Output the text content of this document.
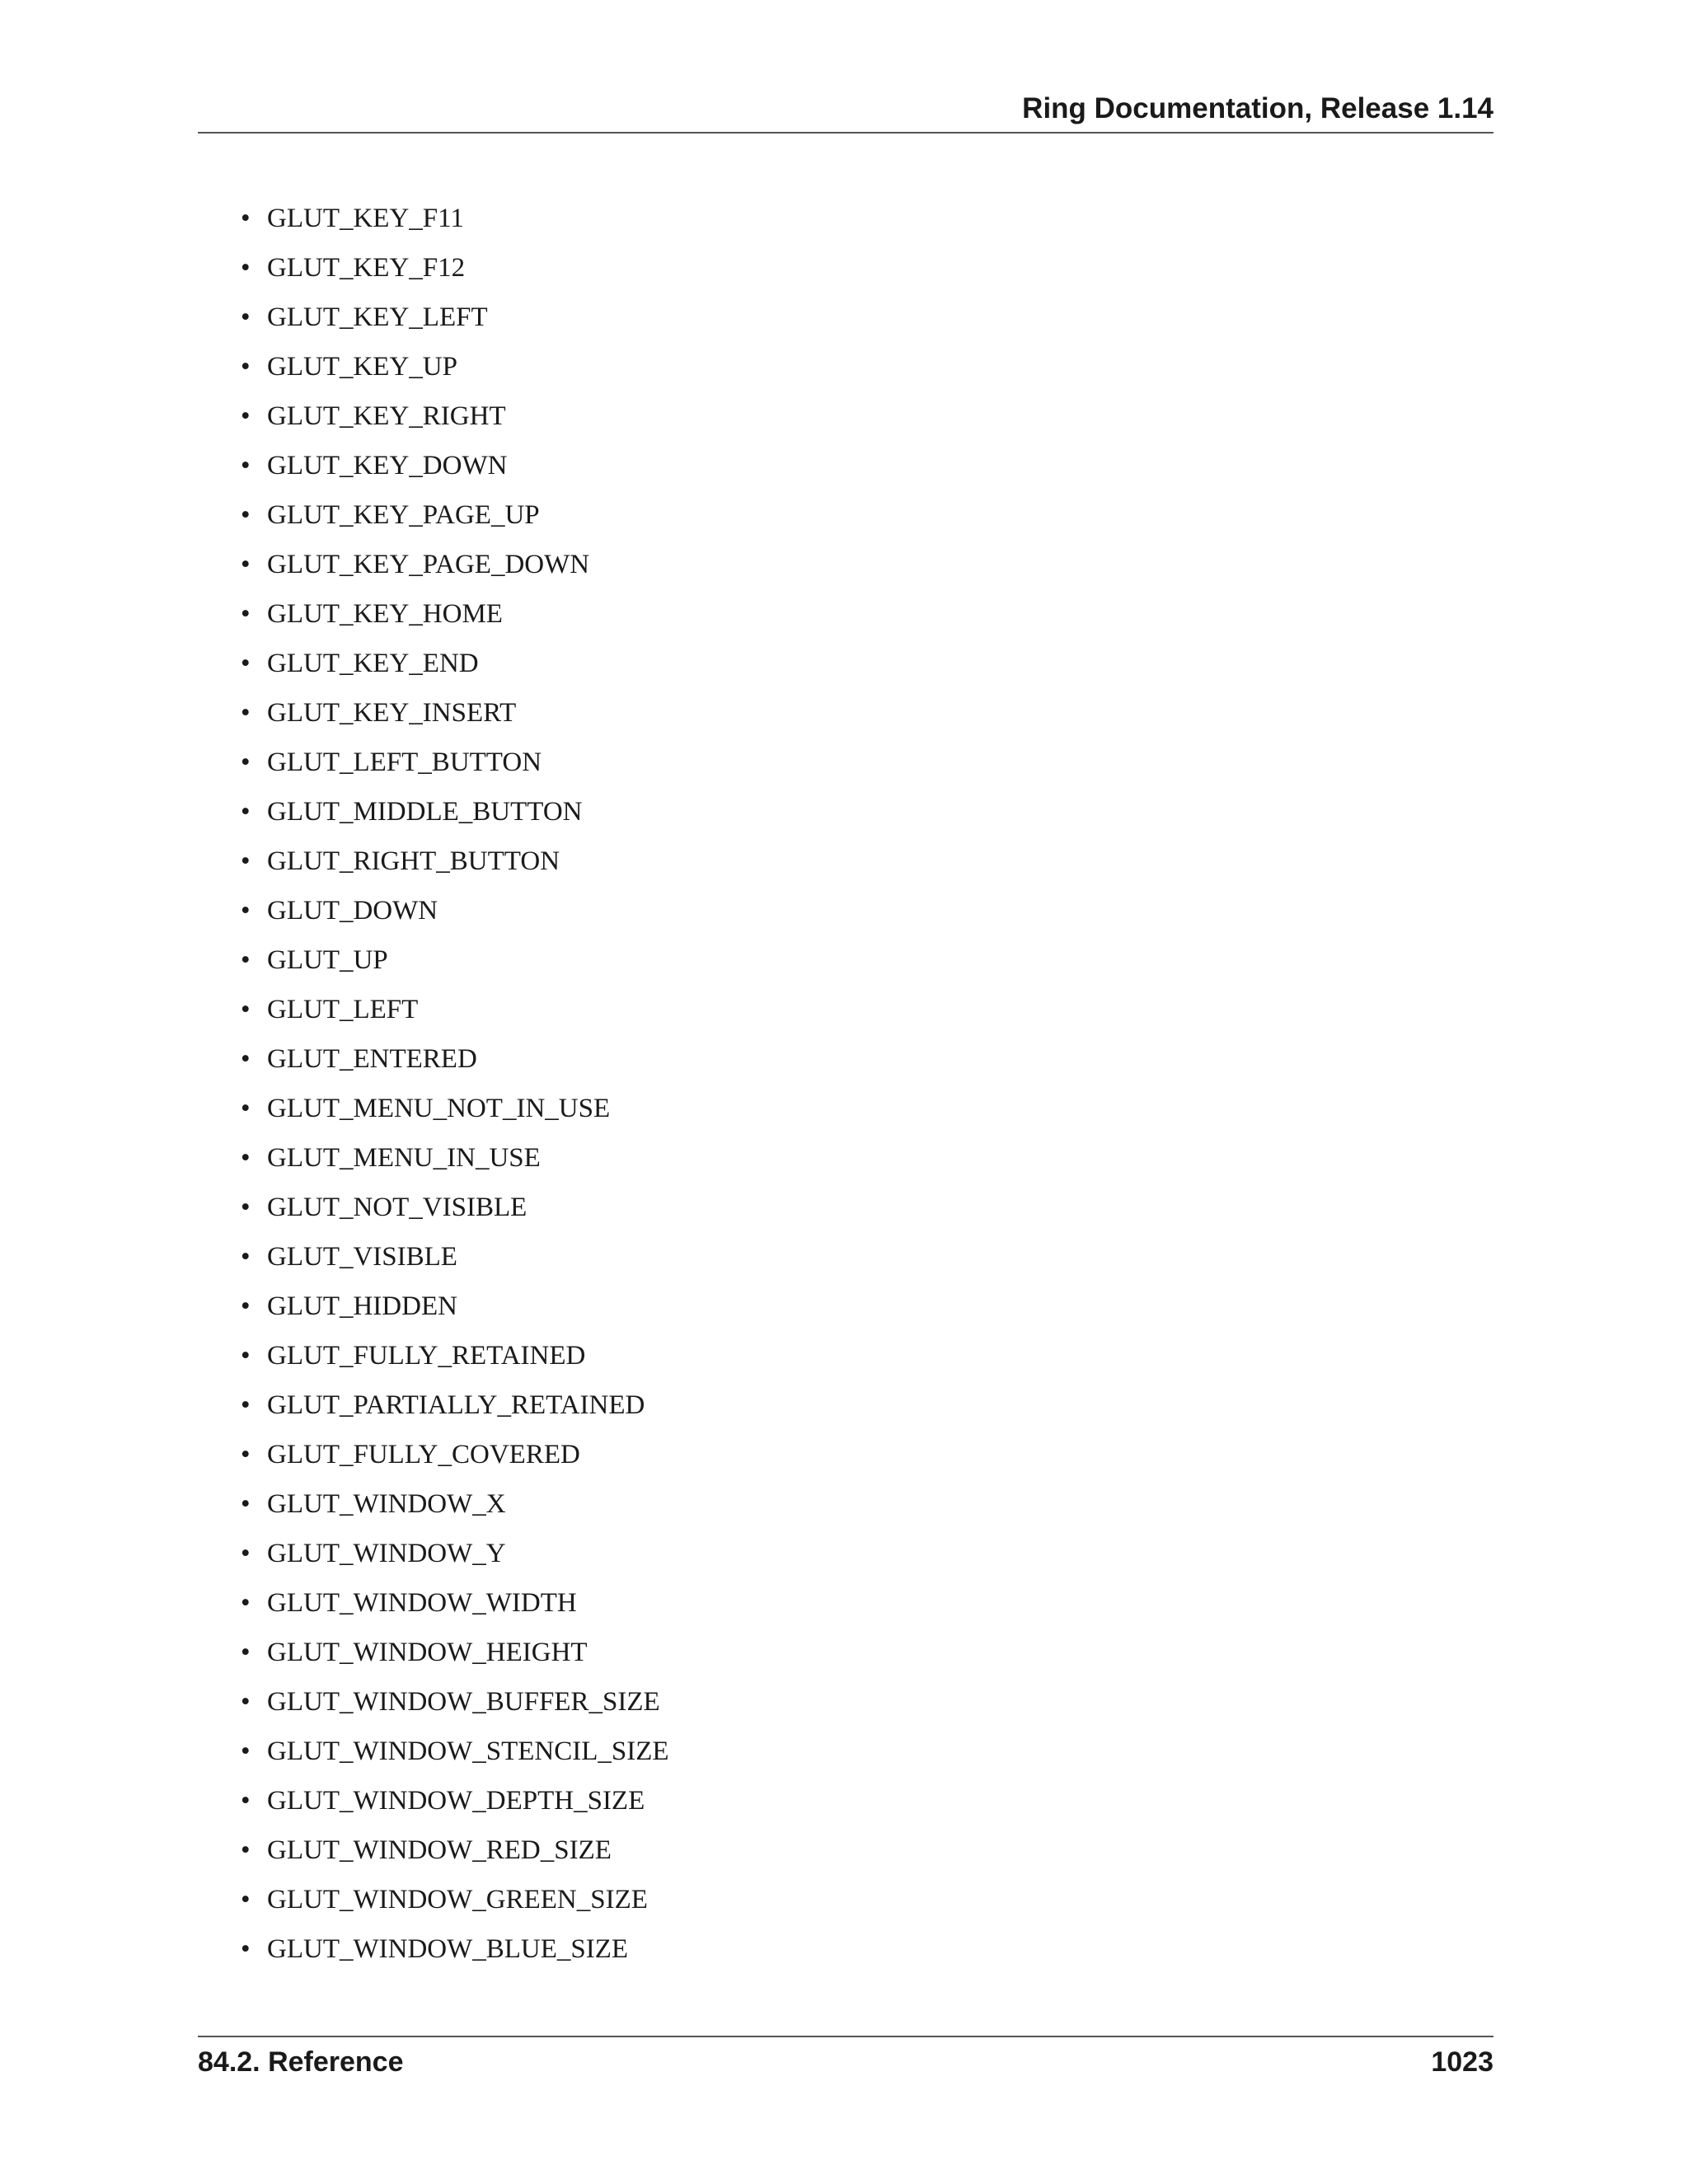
Ring Documentation, Release 1.14
• GLUT_KEY_F11
• GLUT_KEY_F12
• GLUT_KEY_LEFT
• GLUT_KEY_UP
• GLUT_KEY_RIGHT
• GLUT_KEY_DOWN
• GLUT_KEY_PAGE_UP
• GLUT_KEY_PAGE_DOWN
• GLUT_KEY_HOME
• GLUT_KEY_END
• GLUT_KEY_INSERT
• GLUT_LEFT_BUTTON
• GLUT_MIDDLE_BUTTON
• GLUT_RIGHT_BUTTON
• GLUT_DOWN
• GLUT_UP
• GLUT_LEFT
• GLUT_ENTERED
• GLUT_MENU_NOT_IN_USE
• GLUT_MENU_IN_USE
• GLUT_NOT_VISIBLE
• GLUT_VISIBLE
• GLUT_HIDDEN
• GLUT_FULLY_RETAINED
• GLUT_PARTIALLY_RETAINED
• GLUT_FULLY_COVERED
• GLUT_WINDOW_X
• GLUT_WINDOW_Y
• GLUT_WINDOW_WIDTH
• GLUT_WINDOW_HEIGHT
• GLUT_WINDOW_BUFFER_SIZE
• GLUT_WINDOW_STENCIL_SIZE
• GLUT_WINDOW_DEPTH_SIZE
• GLUT_WINDOW_RED_SIZE
• GLUT_WINDOW_GREEN_SIZE
• GLUT_WINDOW_BLUE_SIZE
84.2. Reference	1023
